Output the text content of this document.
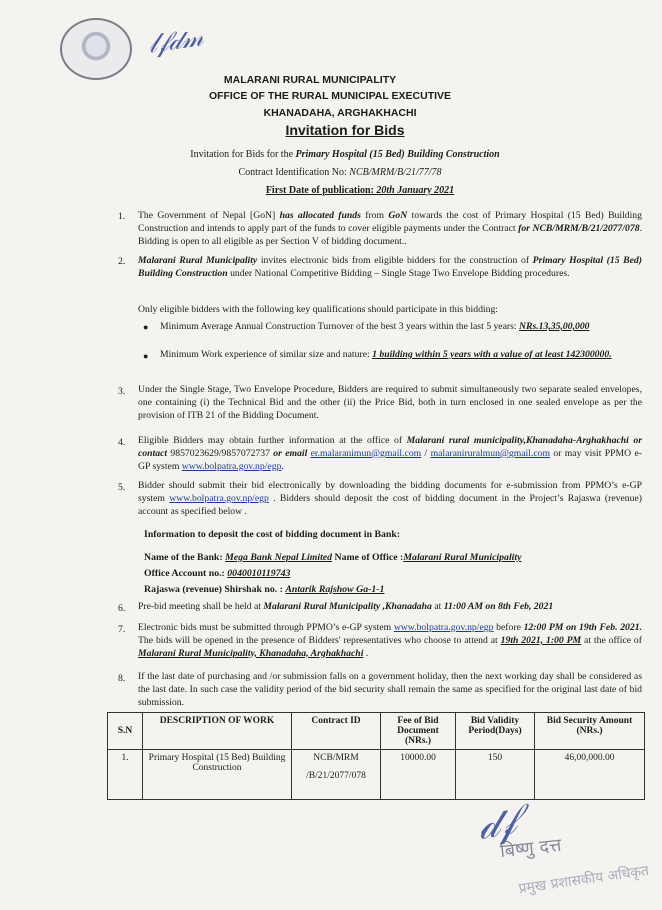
𝓁𝒻𝒹𝓂
𝒹𝒻
बिष्णु दत्त
प्रमुख प्रशासकीय अधिकृत
MALARANI RURAL MUNICIPALITY
OFFICE OF THE RURAL MUNICIPAL EXECUTIVE
KHANADAHA, ARGHAKHACHI
Invitation for Bids
Invitation for Bids for the Primary Hospital (15 Bed) Building Construction
Contract Identification No: NCB/MRM/B/21/77/78
First Date of publication: 20th January 2021
1. The Government of Nepal [GoN] has allocated funds from GoN towards the cost of Primary Hospital (15 Bed) Building Construction and intends to apply part of the funds to cover eligible payments under the Contract for NCB/MRM/B/21/2077/078. Bidding is open to all eligible as per Section V of bidding document..
2. Malarani Rural Municipality invites electronic bids from eligible bidders for the construction of Primary Hospital (15 Bed) Building Construction under National Competitive Bidding – Single Stage Two Envelope Bidding procedures.
Only eligible bidders with the following key qualifications should participate in this bidding:
● Minimum Average Annual Construction Turnover of the best 3 years within the last 5 years: NRs.13,35,00,000
● Minimum Work experience of similar size and nature: 1 building within 5 years with a value of at least 142300000.
3. Under the Single Stage, Two Envelope Procedure, Bidders are required to submit simultaneously two separate sealed envelopes, one containing (i) the Technical Bid and the other (ii) the Price Bid, both in turn enclosed in one sealed envelope as per the provision of ITB 21 of the Bidding Document.
4. Eligible Bidders may obtain further information at the office of Malarani rural municipality,Khanadaha-Arghakhachi or contact 9857023629/9857072737 or email er.malaranimun@gmail.com / malaraniruralmun@gmail.com or may visit PPMO e-GP system www.bolpatra.gov.np/egp.
5. Bidder should submit their bid electronically by downloading the bidding documents for e-submission from PPMO’s e-GP system www.bolpatra.gov.np/egp . Bidders should deposit the cost of bidding document in the Project’s Rajaswa (revenue) account as specified below .
Information to deposit the cost of bidding document in Bank:
Name of the Bank: Mega Bank Nepal Limited Name of Office :Malarani Rural Municipality
Office Account no.: 0040010119743
Rajaswa (revenue) Shirshak no. : Antarik Rajshow Ga-1-1
6. Pre-bid meeting shall be held at Malarani Rural Municipality ,Khanadaha at 11:00 AM on 8th Feb, 2021
7. Electronic bids must be submitted through PPMO’s e-GP system www.bolpatra.gov.np/egp before 12:00 PM on 19th Feb. 2021. The bids will be opened in the presence of Bidders' representatives who choose to attend at 19th 2021, 1:00 PM at the office of Malarani Rural Municipality, Khanadaha, Arghakhachi .
8. If the last date of purchasing and /or submission falls on a government holiday, then the next working day shall be considered as the last date. In such case the validity period of the bid security shall remain the same as specified for the original last date of bid submission.
S.N	DESCRIPTION OF WORK	Contract ID	Fee of Bid Document (NRs.)	Bid Validity Period(Days)	Bid Security Amount (NRs.)
1.	Primary Hospital (15 Bed) Building Construction	NCB/MRM
/B/21/2077/078	10000.00	150	46,00,000.00
